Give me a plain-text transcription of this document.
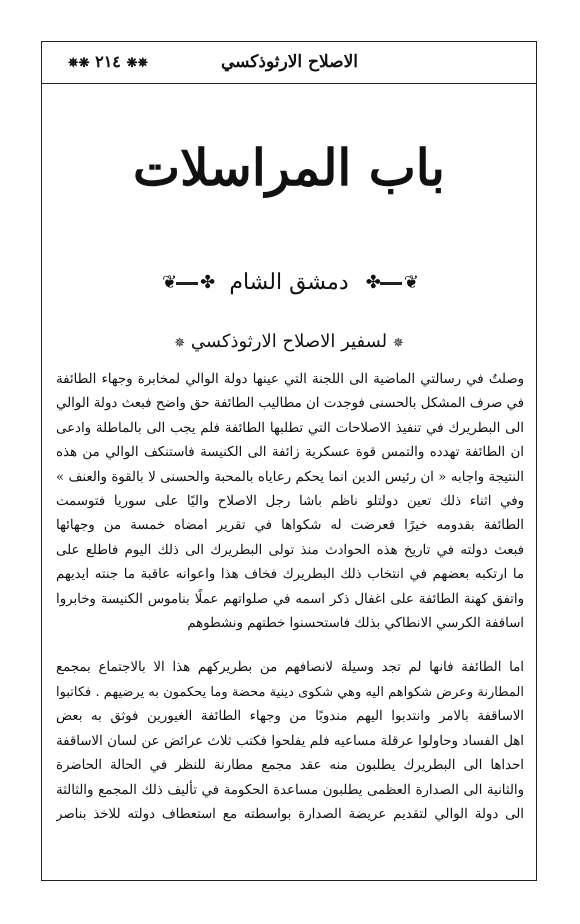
✵❋ ٢١٤ ❋✵	الاصلاح الارثوذكسي
باب المراسلات
❦✤ دمشق الشام ✤❦
✵ لسفير الاصلاح الارثوذكسي ✵

وصلتُ في رسالتي الماضية الى اللجنة التي عينها دولة الوالي لمخابرة وجهاء الطائفة
في صرف المشكل بالحسنى فوجدت ان مطاليب الطائفة حق واضح فبعث دولة الوالي
الى البطريرك في تنفيذ الاصلاحات التي تطلبها الطائفة فلم يجب الى بالماطلة وادعى
ان الطائفة تهدده والتمس قوة عسكرية زائفة الى الكنيسة فاستنكف الوالي من هذه
النتيجة واجابه « ان رئيس الدين انما يحكم رعاياه بالمحبة والحسنى لا بالقوة والعنف »
وفي اثناء ذلك تعين دولتلو ناظم باشا رجل الاصلاح واليًا على سوريا فتوسمت
الطائفة بقدومه خيرًا فعرضت له شكواها في تقرير امضاه خمسة من وجهائها
فبعث دولته في تاريخ هذه الحوادث منذ تولى البطريرك الى ذلك اليوم فاطلع على
ما ارتكبه بعضهم في انتخاب ذلك البطريرك فخاف هذا واعوانه عاقبة ما جنته ايديهم
واتفق كهنة الطائفة على اغفال ذكر اسمه في صلواتهم عملًا بناموس الكنيسة وخابروا
اساقفة الكرسي الانطاكي بذلك فاستحسنوا خطتهم ونشطوهم

اما الطائفة فانها لم تجد وسيلة لانصافهم من بطريركهم هذا الا بالاجتماع بمجمع
المطارنة وعرض شكواهم اليه وهي شكوى دينية محضة وما يحكمون به يرضيهم . فكاتبوا
الاساقفة بالامر وانتدبوا اليهم مندوبًا من وجهاء الطائفة الغيورين فوثق به بعض
اهل الفساد وحاولوا عرقلة مساعيه فلم يفلحوا فكتب ثلاث عرائض عن لسان الاساقفة
احداها الى البطريرك يطلبون منه عقد مجمع مطارنة للنظر في الحالة الحاضرة
والثانية الى الصدارة العظمى يطلبون مساعدة الحكومة في تأليف ذلك المجمع والثالثة
الى دولة الوالي لتقديم عريضة الصدارة بواسطته مع استعطاف دولته للاخذ بناصر
